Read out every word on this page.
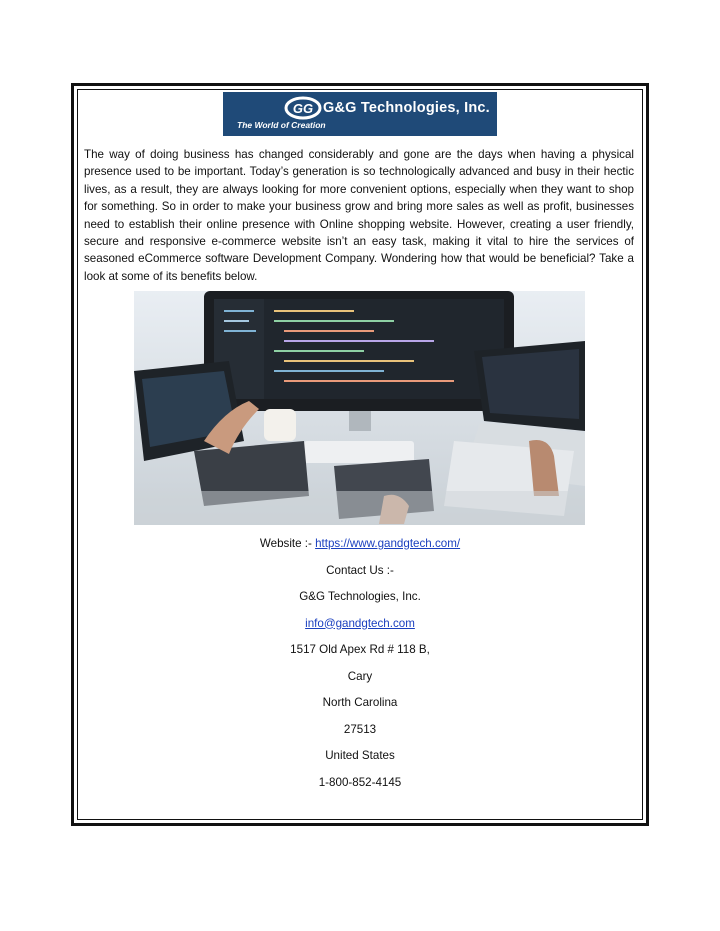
GG G&G Technologies, Inc.
The World of Creation

The way of doing business has changed considerably and gone are the days when having a physical presence used to be important. Today’s generation is so technologically advanced and busy in their hectic lives, as a result, they are always looking for more convenient options, especially when they want to shop for something. So in order to make your business grow and bring more sales as well as profit, businesses need to establish their online presence with Online shopping website. However, creating a user friendly, secure and responsive e-commerce website isn’t an easy task, making it vital to hire the services of seasoned eCommerce software Development Company. Wondering how that would be beneficial? Take a look at some of its benefits below.

Website :- https://www.gandgtech.com/
Contact Us :-
G&G Technologies, Inc.
info@gandgtech.com
1517 Old Apex Rd # 118 B,
Cary
North Carolina
27513
United States
1-800-852-4145
